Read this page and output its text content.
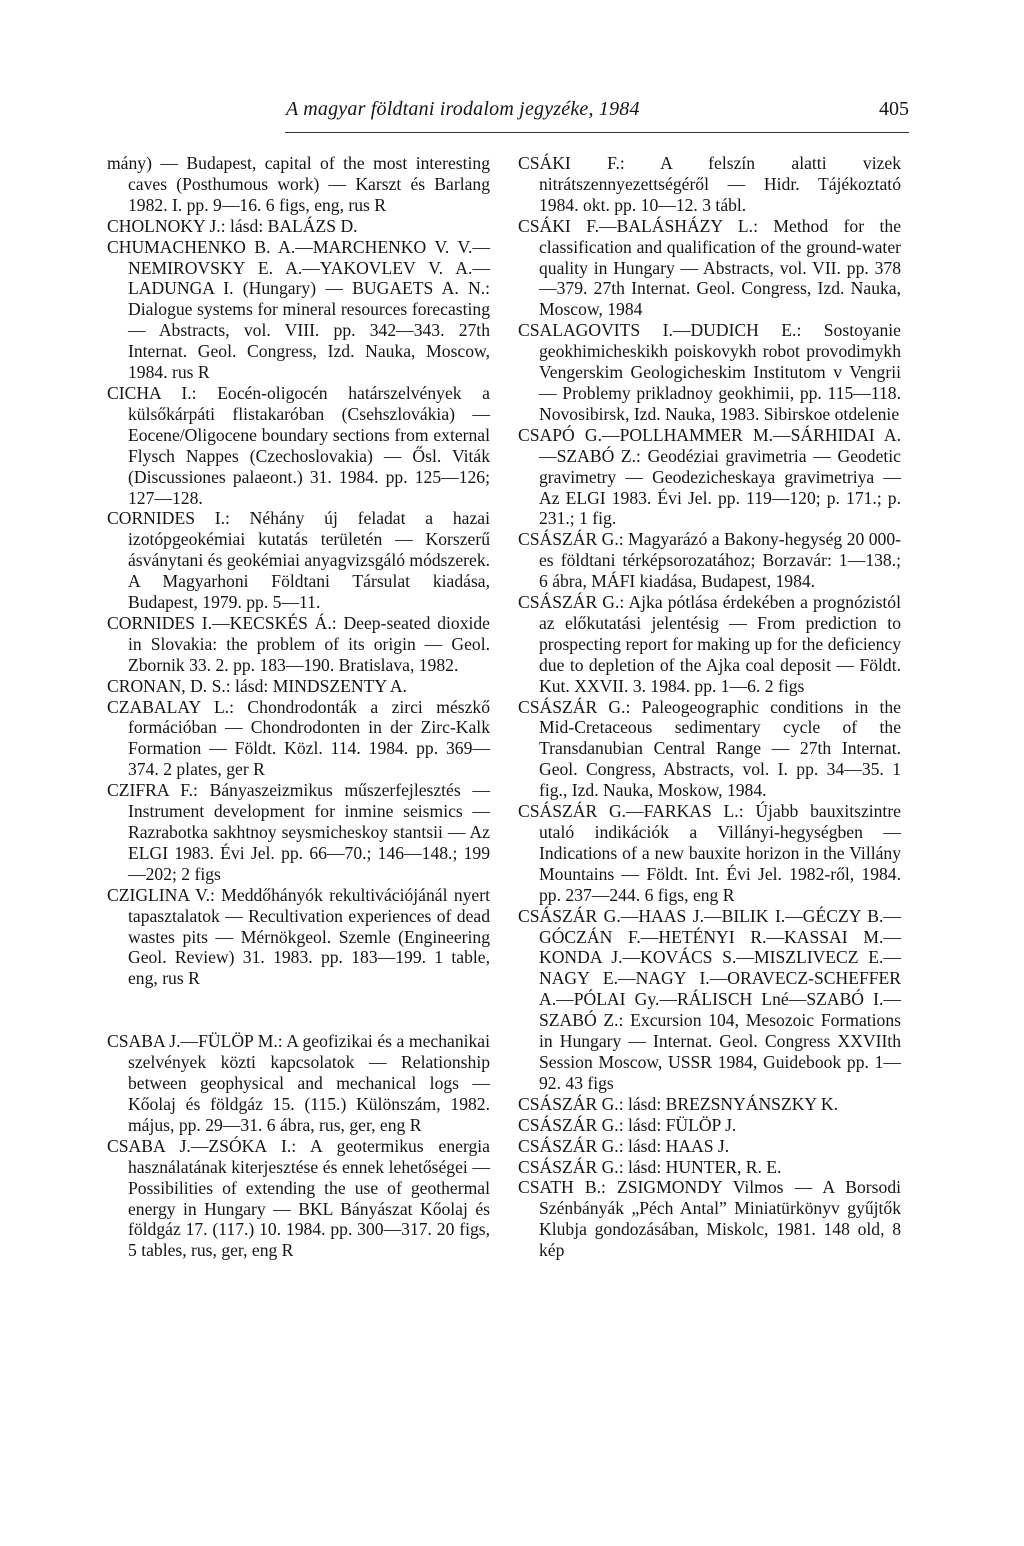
A magyar földtani irodalom jegyzéke, 1984	405

mány) — Budapest, capital of the most interesting caves (Posthumous work) — Karszt és Barlang 1982. I. pp. 9—16. 6 figs, eng, rus R

CHOLNOKY J.: lásd: BALÁZS D.

CHUMACHENKO B. A.—MARCHENKO V. V.—NEMIROVSKY E. A.—YAKOVLEV V. A.—LADUNGA I. (Hungary) — BUGAETS A. N.: Dialogue systems for mineral resources forecasting — Abstracts, vol. VIII. pp. 342—343. 27th Internat. Geol. Congress, Izd. Nauka, Moscow, 1984. rus R

CICHA I.: Eocén-oligocén határszelvények a külsőkárpáti flistakaróban (Csehszlovákia) — Eocene/Oligocene boundary sections from external Flysch Nappes (Czechoslovakia) — Ősl. Viták (Discussiones palaeont.) 31. 1984. pp. 125—126; 127—128.

CORNIDES I.: Néhány új feladat a hazai izotópgeokémiai kutatás területén — Korszerű ásványtani és geokémiai anyagvizsgáló módszerek. A Magyarhoni Földtani Társulat kiadása, Budapest, 1979. pp. 5—11.

CORNIDES I.—KECSKÉS Á.: Deep-seated dioxide in Slovakia: the problem of its origin — Geol. Zbornik 33. 2. pp. 183—190. Bratislava, 1982.

CRONAN, D. S.: lásd: MINDSZENTY A.

CZABALAY L.: Chondrodonták a zirci mészkő formációban — Chondrodonten in der Zirc-Kalk Formation — Földt. Közl. 114. 1984. pp. 369—374. 2 plates, ger R

CZIFRA F.: Bányaszeizmikus műszerfejlesztés — Instrument development for inmine seismics — Razrabotka sakhtnoy seysmicheskoy stantsii — Az ELGI 1983. Évi Jel. pp. 66—70.; 146—148.; 199—202; 2 figs

CZIGLINA V.: Meddőhányók rekultivációjánál nyert tapasztalatok — Recultivation experiences of dead wastes pits — Mérnökgeol. Szemle (Engineering Geol. Review) 31. 1983. pp. 183—199. 1 table, eng, rus R

CSABA J.—FÜLÖP M.: A geofizikai és a mechanikai szelvények közti kapcsolatok — Relationship between geophysical and mechanical logs — Kőolaj és földgáz 15. (115.) Különszám, 1982. május, pp. 29—31. 6 ábra, rus, ger, eng R

CSABA J.—ZSÓKA I.: A geotermikus energia használatának kiterjesztése és ennek lehetőségei — Possibilities of extending the use of geothermal energy in Hungary — BKL Bányászat Kőolaj és földgáz 17. (117.) 10. 1984. pp. 300—317. 20 figs, 5 tables, rus, ger, eng R

CSÁKI F.: A felszín alatti vizek nitrátszennyezettségéről — Hidr. Tájékoztató 1984. okt. pp. 10—12. 3 tábl.

CSÁKI F.—BALÁSHÁZY L.: Method for the classification and qualification of the ground-water quality in Hungary — Abstracts, vol. VII. pp. 378—379. 27th Internat. Geol. Congress, Izd. Nauka, Moscow, 1984

CSALAGOVITS I.—DUDICH E.: Sostoyanie geokhimicheskikh poiskovykh robot provodimykh Vengerskim Geologicheskim Institutom v Vengrii — Problemy prikladnoy geokhimii, pp. 115—118. Novosibirsk, Izd. Nauka, 1983. Sibirskoe otdelenie

CSAPÓ G.—POLLHAMMER M.—SÁRHIDAI A.—SZABÓ Z.: Geodéziai gravimetria — Geodetic gravimetry — Geodezicheskaya gravimetriya — Az ELGI 1983. Évi Jel. pp. 119—120; p. 171.; p. 231.; 1 fig.

CSÁSZÁR G.: Magyarázó a Bakony-hegység 20 000-es földtani térképsorozatához; Borzavár: 1—138.; 6 ábra, MÁFI kiadása, Budapest, 1984.

CSÁSZÁR G.: Ajka pótlása érdekében a prognózistól az előkutatási jelentésig — From prediction to prospecting report for making up for the deficiency due to depletion of the Ajka coal deposit — Földt. Kut. XXVII. 3. 1984. pp. 1—6. 2 figs

CSÁSZÁR G.: Paleogeographic conditions in the Mid-Cretaceous sedimentary cycle of the Transdanubian Central Range — 27th Internat. Geol. Congress, Abstracts, vol. I. pp. 34—35. 1 fig., Izd. Nauka, Moskow, 1984.

CSÁSZÁR G.—FARKAS L.: Újabb bauxitszintre utaló indikációk a Villányi-hegységben — Indications of a new bauxite horizon in the Villány Mountains — Földt. Int. Évi Jel. 1982-ről, 1984. pp. 237—244. 6 figs, eng R

CSÁSZÁR G.—HAAS J.—BILIK I.—GÉCZY B.—GÓCZÁN F.—HETÉNYI R.—KASSAI M.—KONDA J.—KOVÁCS S.—MISZLIVECZ E.—NAGY E.—NAGY I.—ORAVECZ-SCHEFFER A.—PÓLAI Gy.—RÁLISCH Lné—SZABÓ I.—SZABÓ Z.: Excursion 104, Mesozoic Formations in Hungary — Internat. Geol. Congress XXVIIth Session Moscow, USSR 1984, Guidebook pp. 1—92. 43 figs

CSÁSZÁR G.: lásd: BREZSNYÁNSZKY K.

CSÁSZÁR G.: lásd: FÜLÖP J.

CSÁSZÁR G.: lásd: HAAS J.

CSÁSZÁR G.: lásd: HUNTER, R. E.

CSATH B.: ZSIGMONDY Vilmos — A Borsodi Szénbányák „Péch Antal” Miniatürkönyv gyűjtők Klubja gondozásában, Miskolc, 1981. 148 old, 8 kép
